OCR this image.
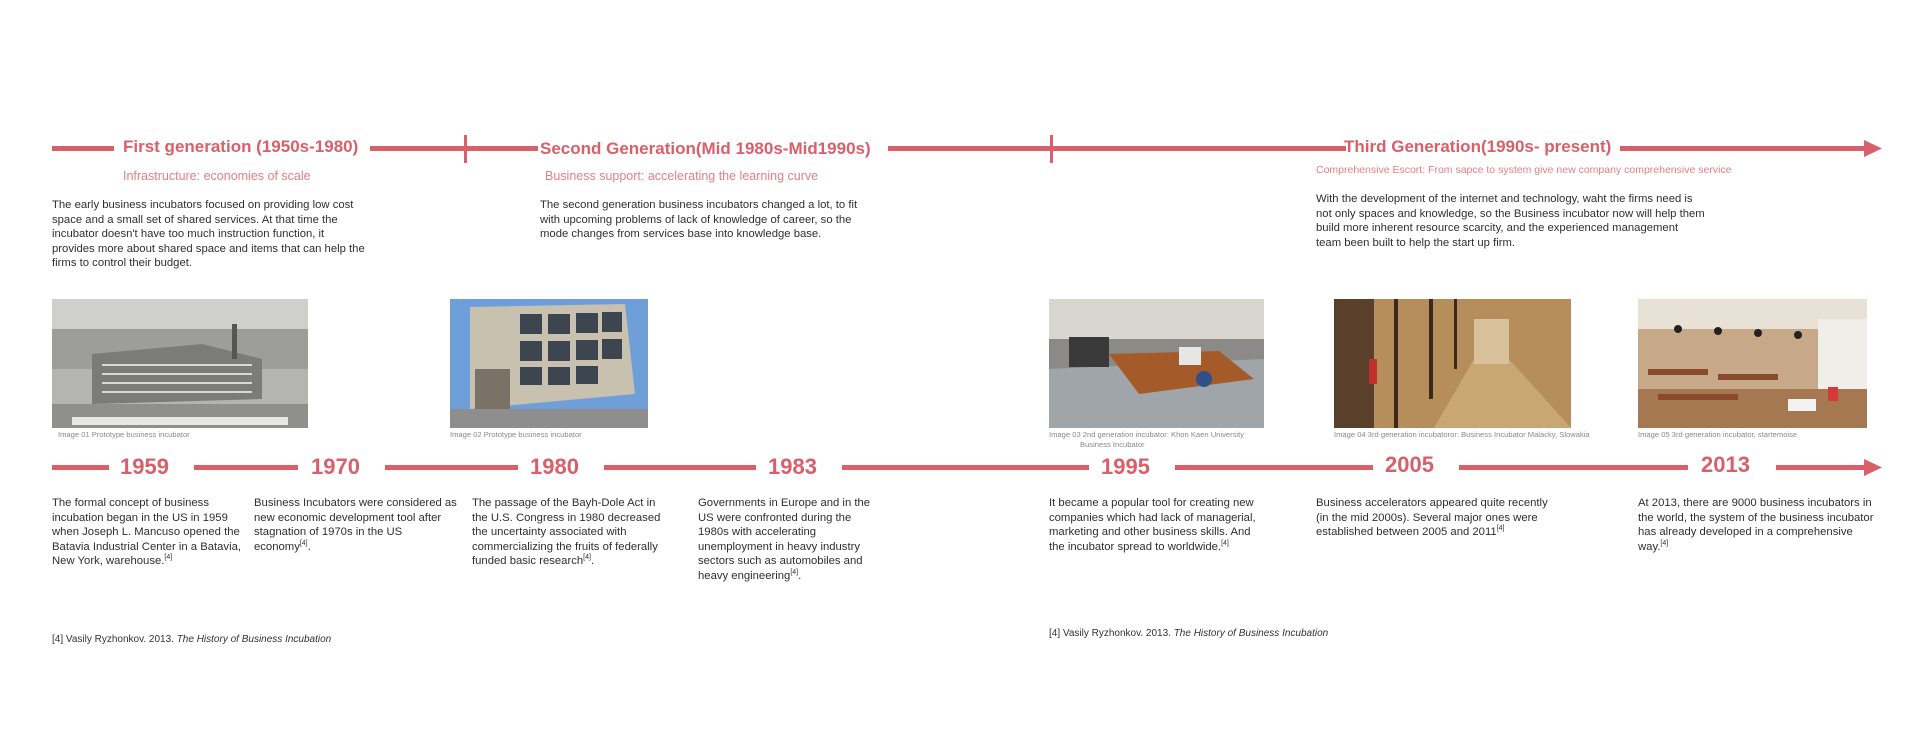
First generation (1950s-1980)
Infrastructure: economies of scale
The early business incubators focused on providing low cost space and a small set of shared services. At that time the incubator doesn't have too much instruction function, it provides more about shared space and items that can help the firms to control their budget.
Second Generation(Mid 1980s-Mid1990s)
Business support: accelerating the learning curve
The second generation business incubators changed a lot, to fit with upcoming problems of lack of knowledge of career, so the mode changes from services base into knowledge base.
Third Generation(1990s- present)
Comprehensive Escort: From sapce to system give new company comprehensive service
With the development of the internet and technology, waht the firms need is not only spaces and knowledge, so the Business incubator now will help them build more inherent resource scarcity, and the experienced management team been built to help the start up firm.
Image 01 Prototype business incubator	Image 02 Prototype business incubator	Image 03 2nd generation incubator: Khon Kaen University
Business Incubator
Image 04 3rd generation incubatoror: Business Incubator Malacky, Slowakia	Image 05 3rd generation incubator, startemoise
1959	1970	1980	1983	1995	2005	2013
The formal concept of business incubation began in the US in 1959 when Joseph L. Mancuso opened the Batavia Industrial Center in a Batavia, New York, warehouse.[4]
Business Incubators were considered as new economic development tool after stagnation of 1970s in the US economy[4].
The passage of the Bayh-Dole Act in the U.S. Congress in 1980 decreased the uncertainty associated with commercializing the fruits of federally funded basic research[4].
Governments in Europe and in the US were confronted during the 1980s with accelerating unemployment in heavy industry sectors such as automobiles and heavy engineering[4].
It became a popular tool for creating new companies which had lack of managerial, marketing and other business skills. And the incubator spread to worldwide.[4]
Business accelerators appeared quite recently (in the mid 2000s). Several major ones were established between 2005 and 2011[4]
At 2013, there are 9000 business incubators in the world, the system of the business incubator has already developed in a comprehensive way.[4]
[4] Vasily Ryzhonkov. 2013. The History of Business Incubation
[4] Vasily Ryzhonkov. 2013. The History of Business Incubation
